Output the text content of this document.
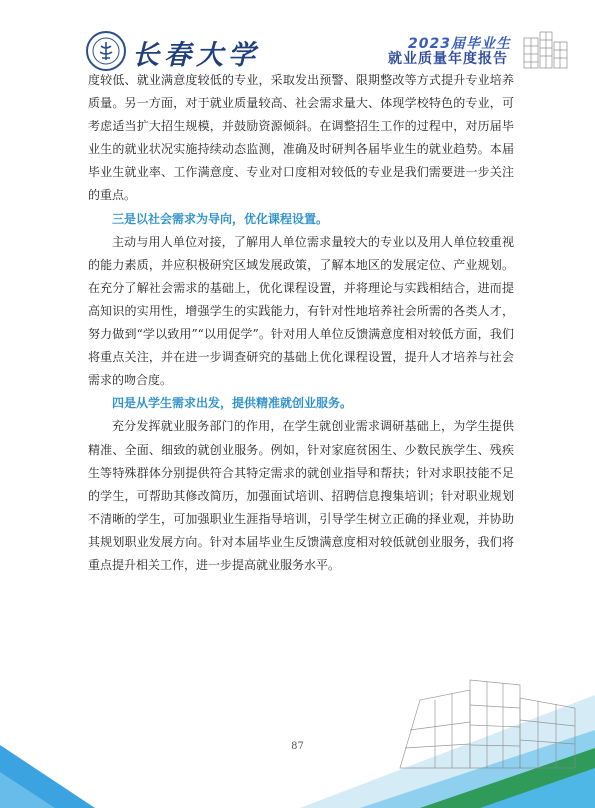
长春大学	2023届毕业生
就业质量年度报告

度较低、就业满意度较低的专业，采取发出预警、限期整改等方式提升专业培养质量。另一方面，对于就业质量较高、社会需求量大、体现学校特色的专业，可考虑适当扩大招生规模，并鼓励资源倾斜。在调整招生工作的过程中，对历届毕业生的就业状况实施持续动态监测，准确及时研判各届毕业生的就业趋势。本届毕业生就业率、工作满意度、专业对口度相对较低的专业是我们需要进一步关注的重点。

三是以社会需求为导向，优化课程设置。

主动与用人单位对接，了解用人单位需求量较大的专业以及用人单位较重视的能力素质，并应积极研究区域发展政策，了解本地区的发展定位、产业规划。在充分了解社会需求的基础上，优化课程设置，并将理论与实践相结合，进而提高知识的实用性，增强学生的实践能力，有针对性地培养社会所需的各类人才，努力做到“学以致用”“以用促学”。针对用人单位反馈满意度相对较低方面，我们将重点关注，并在进一步调查研究的基础上优化课程设置，提升人才培养与社会需求的吻合度。

四是从学生需求出发，提供精准就创业服务。

充分发挥就业服务部门的作用，在学生就创业需求调研基础上，为学生提供精准、全面、细致的就创业服务。例如，针对家庭贫困生、少数民族学生、残疾生等特殊群体分别提供符合其特定需求的就创业指导和帮扶；针对求职技能不足的学生，可帮助其修改简历，加强面试培训、招聘信息搜集培训；针对职业规划不清晰的学生，可加强职业生涯指导培训，引导学生树立正确的择业观，并协助其规划职业发展方向。针对本届毕业生反馈满意度相对较低就创业服务，我们将重点提升相关工作，进一步提高就业服务水平。

87
